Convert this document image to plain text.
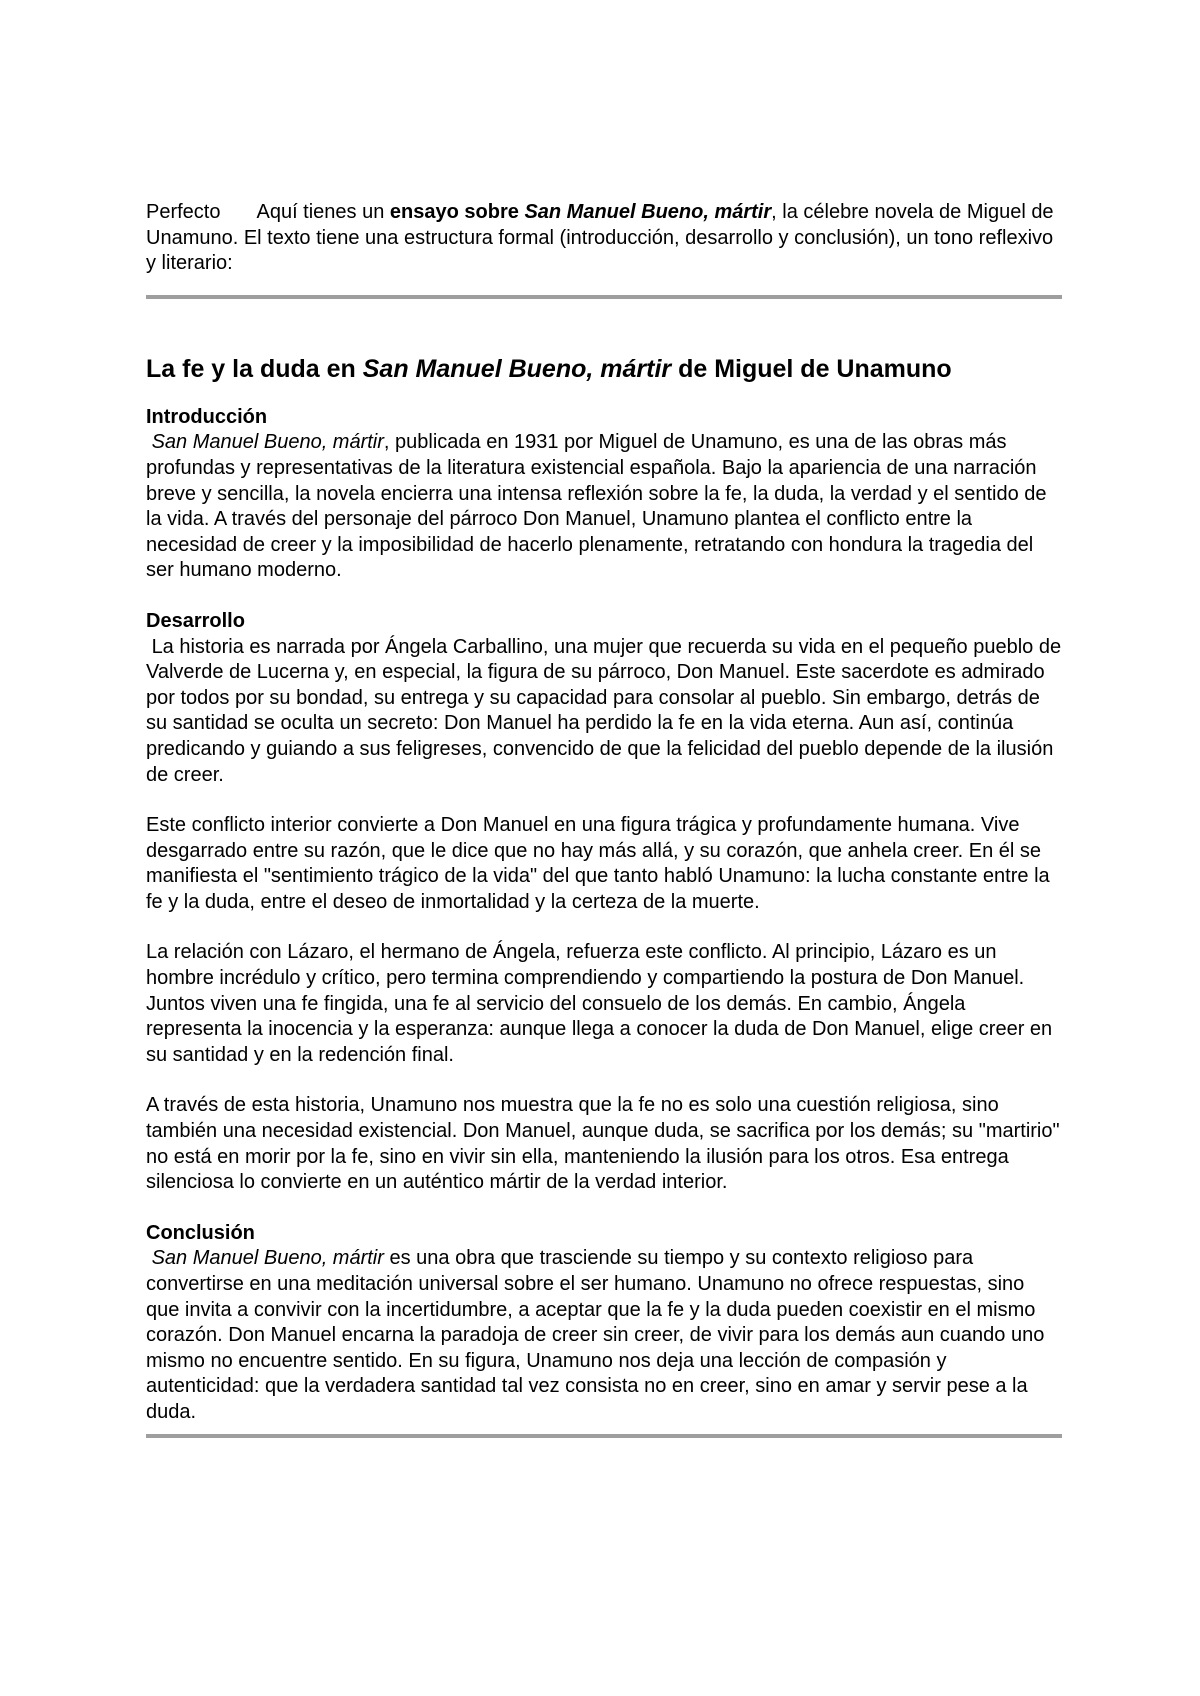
Perfecto Aquí tienes un ensayo sobre San Manuel Bueno, mártir, la célebre novela de Miguel de Unamuno. El texto tiene una estructura formal (introducción, desarrollo y conclusión), un tono reflexivo y literario:

La fe y la duda en San Manuel Bueno, mártir de Miguel de Unamuno

Introducción

San Manuel Bueno, mártir, publicada en 1931 por Miguel de Unamuno, es una de las obras más profundas y representativas de la literatura existencial española. Bajo la apariencia de una narración breve y sencilla, la novela encierra una intensa reflexión sobre la fe, la duda, la verdad y el sentido de la vida. A través del personaje del párroco Don Manuel, Unamuno plantea el conflicto entre la necesidad de creer y la imposibilidad de hacerlo plenamente, retratando con hondura la tragedia del ser humano moderno.

Desarrollo

La historia es narrada por Ángela Carballino, una mujer que recuerda su vida en el pequeño pueblo de Valverde de Lucerna y, en especial, la figura de su párroco, Don Manuel. Este sacerdote es admirado por todos por su bondad, su entrega y su capacidad para consolar al pueblo. Sin embargo, detrás de su santidad se oculta un secreto: Don Manuel ha perdido la fe en la vida eterna. Aun así, continúa predicando y guiando a sus feligreses, convencido de que la felicidad del pueblo depende de la ilusión de creer.

Este conflicto interior convierte a Don Manuel en una figura trágica y profundamente humana. Vive desgarrado entre su razón, que le dice que no hay más allá, y su corazón, que anhela creer. En él se manifiesta el "sentimiento trágico de la vida" del que tanto habló Unamuno: la lucha constante entre la fe y la duda, entre el deseo de inmortalidad y la certeza de la muerte.

La relación con Lázaro, el hermano de Ángela, refuerza este conflicto. Al principio, Lázaro es un hombre incrédulo y crítico, pero termina comprendiendo y compartiendo la postura de Don Manuel. Juntos viven una fe fingida, una fe al servicio del consuelo de los demás. En cambio, Ángela representa la inocencia y la esperanza: aunque llega a conocer la duda de Don Manuel, elige creer en su santidad y en la redención final.

A través de esta historia, Unamuno nos muestra que la fe no es solo una cuestión religiosa, sino también una necesidad existencial. Don Manuel, aunque duda, se sacrifica por los demás; su "martirio" no está en morir por la fe, sino en vivir sin ella, manteniendo la ilusión para los otros. Esa entrega silenciosa lo convierte en un auténtico mártir de la verdad interior.

Conclusión

San Manuel Bueno, mártir es una obra que trasciende su tiempo y su contexto religioso para convertirse en una meditación universal sobre el ser humano. Unamuno no ofrece respuestas, sino que invita a convivir con la incertidumbre, a aceptar que la fe y la duda pueden coexistir en el mismo corazón. Don Manuel encarna la paradoja de creer sin creer, de vivir para los demás aun cuando uno mismo no encuentre sentido. En su figura, Unamuno nos deja una lección de compasión y autenticidad: que la verdadera santidad tal vez consista no en creer, sino en amar y servir pese a la duda.
